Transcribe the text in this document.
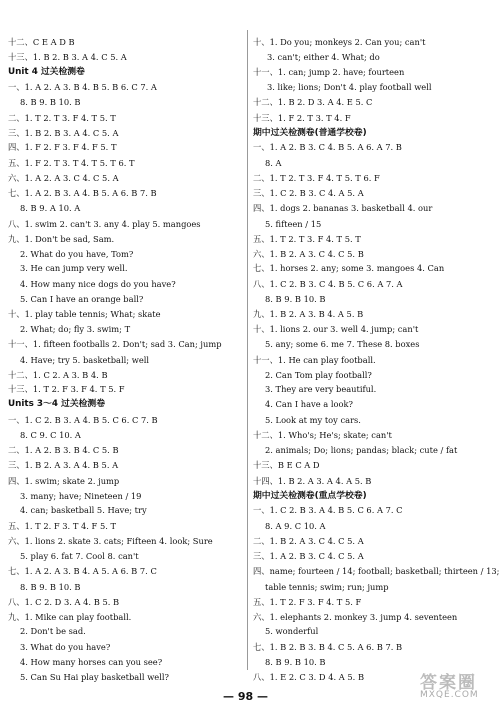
十二、C E A D B
十三、1. B 2. B 3. A 4. C 5. A
Unit 4 过关检测卷
一、1. A 2. A 3. B 4. B 5. B 6. C 7. A
8. B 9. B 10. B
二、1. T 2. T 3. F 4. T 5. T
三、1. B 2. B 3. A 4. C 5. A
四、1. F 2. F 3. F 4. F 5. T
五、1. F 2. T 3. T 4. T 5. T 6. T
六、1. A 2. A 3. C 4. C 5. A
七、1. A 2. B 3. A 4. B 5. A 6. B 7. B
8. B 9. A 10. A
八、1. swim 2. can't 3. any 4. play 5. mangoes
九、1. Don't be sad, Sam.
2. What do you have, Tom?
3. He can jump very well.
4. How many nice dogs do you have?
5. Can I have an orange ball?
十、1. play table tennis; What; skate
2. What; do; fly 3. swim; T
十一、1. fifteen footballs 2. Don't; sad 3. Can; jump
4. Have; try 5. basketball; well
十二、1. C 2. A 3. B 4. B
十三、1. T 2. F 3. F 4. T 5. F
Units 3～4 过关检测卷
一、1. C 2. B 3. A 4. B 5. C 6. C 7. B
8. C 9. C 10. A
二、1. A 2. B 3. B 4. C 5. B
三、1. B 2. A 3. A 4. B 5. A
四、1. swim; skate 2. jump
3. many; have; Nineteen / 19
4. can; basketball 5. Have; try
五、1. T 2. F 3. T 4. F 5. T
六、1. lions 2. skate 3. cats; Fifteen 4. look; Sure
5. play 6. fat 7. Cool 8. can't
七、1. A 2. A 3. B 4. A 5. A 6. B 7. C
8. B 9. B 10. B
八、1. C 2. D 3. A 4. B 5. B
九、1. Mike can play football.
2. Don't be sad.
3. What do you have?
4. How many horses can you see?
5. Can Su Hai play basketball well?
十、1. Do you; monkeys 2. Can you; can't
3. can't; either 4. What; do
十一、1. can; jump 2. have; fourteen
3. like; lions; Don't 4. play football well
十二、1. B 2. D 3. A 4. E 5. C
十三、1. F 2. T 3. T 4. F
期中过关检测卷(普通学校卷)
一、1. A 2. B 3. C 4. B 5. A 6. A 7. B
8. A
二、1. T 2. T 3. F 4. T 5. T 6. F
三、1. C 2. B 3. C 4. A 5. A
四、1. dogs 2. bananas 3. basketball 4. our
5. fifteen / 15
五、1. T 2. T 3. F 4. T 5. T
六、1. B 2. A 3. C 4. C 5. B
七、1. horses 2. any; some 3. mangoes 4. Can
八、1. C 2. B 3. C 4. B 5. C 6. A 7. A
8. B 9. B 10. B
九、1. B 2. A 3. B 4. A 5. B
十、1. lions 2. our 3. well 4. jump; can't
5. any; some 6. me 7. These 8. boxes
十一、1. He can play football.
2. Can Tom play football?
3. They are very beautiful.
4. Can I have a look?
5. Look at my toy cars.
十二、1. Who's; He's; skate; can't
2. animals; Do; lions; pandas; black; cute / fat
十三、B E C A D
十四、1. B 2. A 3. A 4. A 5. B
期中过关检测卷(重点学校卷)
一、1. C 2. B 3. A 4. B 5. C 6. A 7. C
8. A 9. C 10. A
二、1. B 2. A 3. C 4. C 5. A
三、1. A 2. B 3. C 4. C 5. A
四、name; fourteen / 14; football; basketball; thirteen / 13;
table tennis; swim; run; jump
五、1. T 2. F 3. F 4. T 5. F
六、1. elephants 2. monkey 3. jump 4. seventeen
5. wonderful
七、1. B 2. B 3. B 4. C 5. A 6. B 7. B
8. B 9. B 10. B
八、1. E 2. C 3. D 4. A 5. B
— 98 —
答案圈
MXQE.COM
